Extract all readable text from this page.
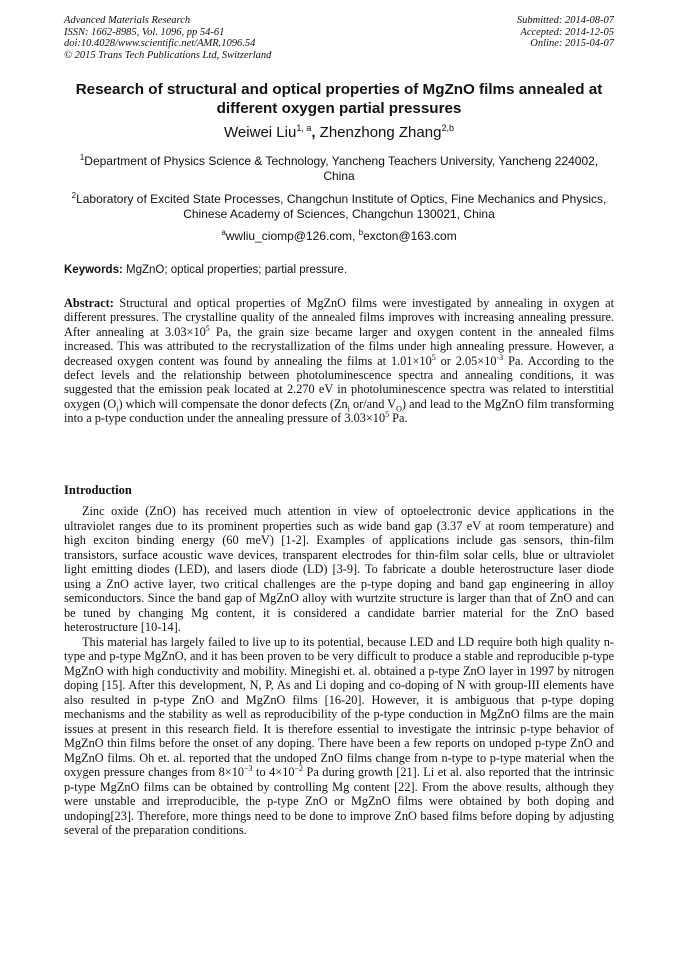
Advanced Materials Research
ISSN: 1662-8985, Vol. 1096, pp 54-61
doi:10.4028/www.scientific.net/AMR.1096.54
© 2015 Trans Tech Publications Ltd, Switzerland
Submitted: 2014-08-07
Accepted: 2014-12-05
Online: 2015-04-07
Research of structural and optical properties of MgZnO films annealed at different oxygen partial pressures
Weiwei Liu$^{1, a}$, Zhenzhong Zhang$^{2,b}$
$^1$Department of Physics Science & Technology, Yancheng Teachers University, Yancheng 224002, China
$^2$Laboratory of Excited State Processes, Changchun Institute of Optics, Fine Mechanics and Physics, Chinese Academy of Sciences, Changchun 130021, China
$^a$wwliu_ciomp@126.com, $^b$excton@163.com
Keywords: MgZnO; optical properties; partial pressure.
Abstract: Structural and optical properties of MgZnO films were investigated by annealing in oxygen at different pressures. The crystalline quality of the annealed films improves with increasing annealing pressure. After annealing at $3.03\times 10^5$ Pa, the grain size became larger and oxygen content in the annealed films increased. This was attributed to the recrystallization of the films under high annealing pressure. However, a decreased oxygen content was found by annealing the films at $1.01\times 10^5$ or $2.05\times 10^{-3}$ Pa. According to the defect levels and the relationship between photoluminescence spectra and annealing conditions, it was suggested that the emission peak located at 2.270 eV in photoluminescence spectra was related to interstitial oxygen $(O_i)$ which will compensate the donor defects ($Zn_i$ or/and $V_O$) and lead to the MgZnO film transforming into a p-type conduction under the annealing pressure of $3.03\times 10^5$ Pa.
Introduction

Zinc oxide (ZnO) has received much attention in view of optoelectronic device applications in the ultraviolet ranges due to its prominent properties such as wide band gap (3.37 eV at room temperature) and high exciton binding energy (60 meV) [1-2]. Examples of applications include gas sensors, thin-film transistors, surface acoustic wave devices, transparent electrodes for thin-film solar cells, blue or ultraviolet light emitting diodes (LED), and lasers diode (LD) [3-9]. To fabricate a double heterostructure laser diode using a ZnO active layer, two critical challenges are the p-type doping and band gap engineering in alloy semiconductors. Since the band gap of MgZnO alloy with wurtzite structure is larger than that of ZnO and can be tuned by changing Mg content, it is considered a candidate barrier material for the ZnO based heterostructure [10-14].

This material has largely failed to live up to its potential, because LED and LD require both high quality n-type and p-type MgZnO, and it has been proven to be very difficult to produce a stable and reproducible p-type MgZnO with high conductivity and mobility. Minegishi et. al. obtained a p-type ZnO layer in 1997 by nitrogen doping [15]. After this development, N, P, As and Li doping and co-doping of N with group-III elements have also resulted in p-type ZnO and MgZnO films [16-20]. However, it is ambiguous that p-type doping mechanisms and the stability as well as reproducibility of the p-type conduction in MgZnO films are the main issues at present in this research field. It is therefore essential to investigate the intrinsic p-type behavior of MgZnO thin films before the onset of any doping. There have been a few reports on undoped p-type ZnO and MgZnO films. Oh et. al. reported that the undoped ZnO films change from n-type to p-type material when the oxygen pressure changes from $8\times 10^{-3}$ to $4\times 10^{-2}$ Pa during growth [21]. Li et al. also reported that the intrinsic p-type MgZnO films can be obtained by controlling Mg content [22]. From the above results, although they were unstable and irreproducible, the p-type ZnO or MgZnO films were obtained by both doping and undoping[23]. Therefore, more things need to be done to improve ZnO based films before doping by adjusting several of the preparation conditions.
